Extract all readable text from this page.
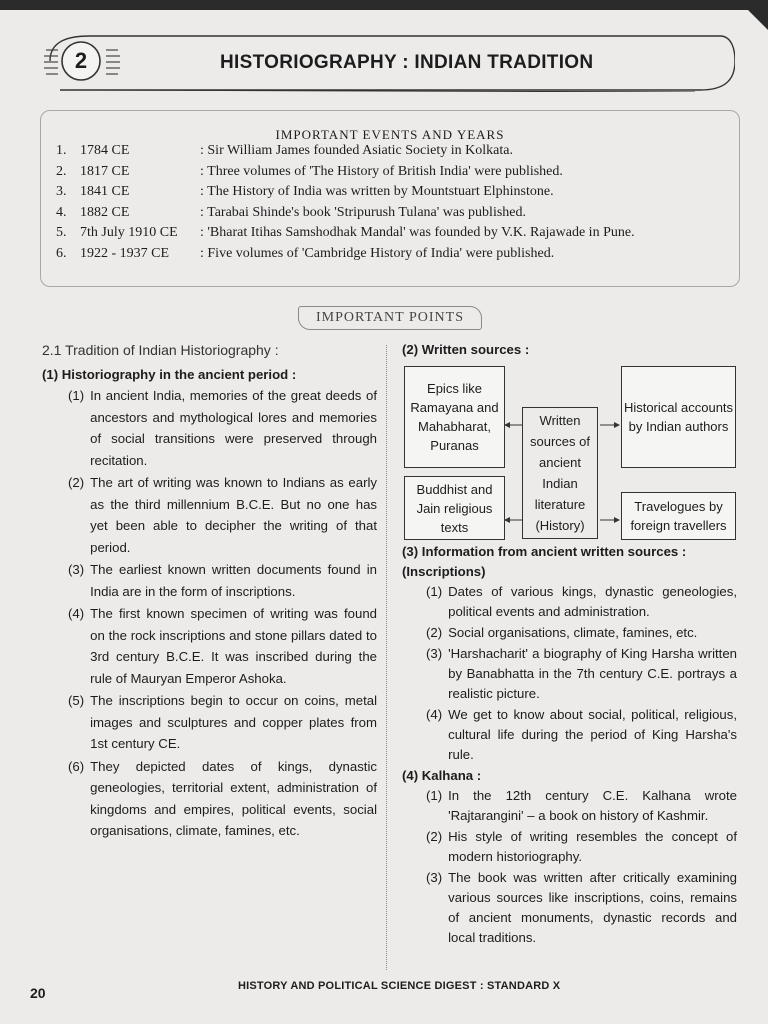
2	HISTORIOGRAPHY : INDIAN TRADITION
IMPORTANT EVENTS AND YEARS
1. 1784 CE	: Sir William James founded Asiatic Society in Kolkata.
2. 1817 CE	: Three volumes of 'The History of British India' were published.
3. 1841 CE	: The History of India was written by Mountstuart Elphinstone.
4. 1882 CE	: Tarabai Shinde's book 'Stripurush Tulana' was published.
5. 7th July 1910 CE	: 'Bharat Itihas Samshodhak Mandal' was founded by V.K. Rajawade in Pune.
6. 1922 - 1937 CE	: Five volumes of 'Cambridge History of India' were published.
IMPORTANT POINTS
2.1 Tradition of Indian Historiography :
(1) Historiography in the ancient period :
(1) In ancient India, memories of the great deeds of ancestors and mythological lores and memories of social transitions were preserved through recitation.
(2) The art of writing was known to Indians as early as the third millennium B.C.E. But no one has yet been able to decipher the writing of that period.
(3) The earliest known written documents found in India are in the form of inscriptions.
(4) The first known specimen of writing was found on the rock inscriptions and stone pillars dated to 3rd century B.C.E. It was inscribed during the rule of Mauryan Emperor Ashoka.
(5) The inscriptions begin to occur on coins, metal images and sculptures and copper plates from 1st century CE.
(6) They depicted dates of kings, dynastic geneologies, territorial extent, administration of kingdoms and empires, political events, social organisations, climate, famines, etc.
(2) Written sources :
Epics like Ramayana and Mahabharat, Puranas
Buddhist and Jain religious texts
Written sources of ancient Indian literature (History)
Historical accounts by Indian authors
Travelogues by foreign travellers
(3) Information from ancient written sources : (Inscriptions)
(1) Dates of various kings, dynastic geneologies, political events and administration.
(2) Social organisations, climate, famines, etc.
(3) 'Harshacharit' a biography of King Harsha written by Banabhatta in the 7th century C.E. portrays a realistic picture.
(4) We get to know about social, political, religious, cultural life during the period of King Harsha's rule.
(4) Kalhana :
(1) In the 12th century C.E. Kalhana wrote 'Rajtarangini' – a book on history of Kashmir.
(2) His style of writing resembles the concept of modern historiography.
(3) The book was written after critically examining various sources like inscriptions, coins, remains of ancient monuments, dynastic records and local traditions.
20	HISTORY AND POLITICAL SCIENCE DIGEST : STANDARD X
